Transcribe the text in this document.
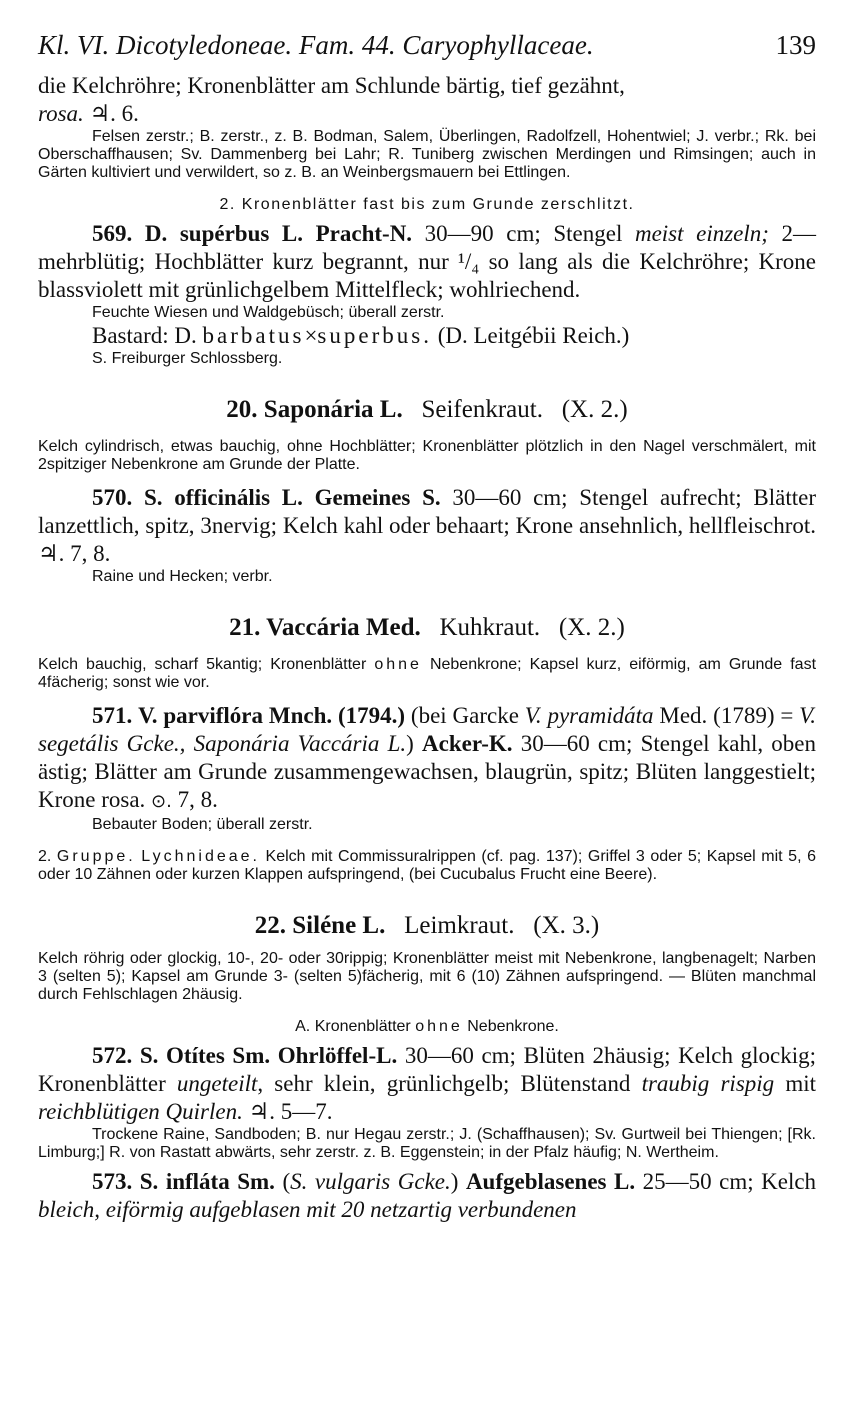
Kl. VI. Dicotyledoneae. Fam. 44. Caryophyllaceae.	139

die Kelchröhre; Kronenblätter am Schlunde bärtig, tief gezähnt,
rosa. ♃. 6.

Felsen zerstr.; B. zerstr., z. B. Bodman, Salem, Überlingen, Radolfzell, Hohentwiel; J. verbr.; Rk. bei Oberschaffhausen; Sv. Dammenberg bei Lahr; R. Tuniberg zwischen Merdingen und Rimsingen; auch in Gärten kultiviert und verwildert, so z. B. an Weinbergsmauern bei Ettlingen.

2. Kronenblätter fast bis zum Grunde zerschlitzt.

569. D. supérbus L. Pracht-N. 30—90 cm; Stengel meist einzeln; 2—mehrblütig; Hochblätter kurz begrannt, nur ¹/₄ so lang als die Kelchröhre; Krone blassviolett mit grünlichgelbem Mittelfleck; wohlriechend.

Feuchte Wiesen und Waldgebüsch; überall zerstr.

Bastard: D. barbatus×superbus. (D. Leitgébii Reich.)

S. Freiburger Schlossberg.

20. Saponária L. Seifenkraut. (X. 2.)

Kelch cylindrisch, etwas bauchig, ohne Hochblätter; Kronenblätter plötzlich in den Nagel verschmälert, mit 2spitziger Nebenkrone am Grunde der Platte.

570. S. officinális L. Gemeines S. 30—60 cm; Stengel aufrecht; Blätter lanzettlich, spitz, 3nervig; Kelch kahl oder behaart; Krone ansehnlich, hellfleischrot. ♃. 7, 8.

Raine und Hecken; verbr.

21. Vaccária Med. Kuhkraut. (X. 2.)

Kelch bauchig, scharf 5kantig; Kronenblätter ohne Nebenkrone; Kapsel kurz, eiförmig, am Grunde fast 4fächerig; sonst wie vor.

571. V. parviflóra Mnch. (1794.) (bei Garcke V. pyramidáta Med. (1789) = V. segetális Gcke., Saponária Vaccária L.) Acker-K. 30—60 cm; Stengel kahl, oben ästig; Blätter am Grunde zusammengewachsen, blaugrün, spitz; Blüten langgestielt; Krone rosa. ⊙. 7, 8.

Bebauter Boden; überall zerstr.

2. Gruppe. Lychnideae. Kelch mit Commissuralrippen (cf. pag. 137); Griffel 3 oder 5; Kapsel mit 5, 6 oder 10 Zähnen oder kurzen Klappen aufspringend, (bei Cucubalus Frucht eine Beere).

22. Siléne L. Leimkraut. (X. 3.)

Kelch röhrig oder glockig, 10-, 20- oder 30rippig; Kronenblätter meist mit Nebenkrone, langbenagelt; Narben 3 (selten 5); Kapsel am Grunde 3- (selten 5)fächerig, mit 6 (10) Zähnen aufspringend. — Blüten manchmal durch Fehlschlagen 2häusig.

A. Kronenblätter ohne Nebenkrone.

572. S. Otítes Sm. Ohrlöffel-L. 30—60 cm; Blüten 2häusig; Kelch glockig; Kronenblätter ungeteilt, sehr klein, grünlichgelb; Blütenstand traubig rispig mit reichblütigen Quirlen. ♃. 5—7.

Trockene Raine, Sandboden; B. nur Hegau zerstr.; J. (Schaffhausen); Sv. Gurtweil bei Thiengen; [Rk. Limburg;] R. von Rastatt abwärts, sehr zerstr. z. B. Eggenstein; in der Pfalz häufig; N. Wertheim.

573. S. infláta Sm. (S. vulgaris Gcke.) Aufgeblasenes L. 25—50 cm; Kelch bleich, eiförmig aufgeblasen mit 20 netzartig verbundenen
